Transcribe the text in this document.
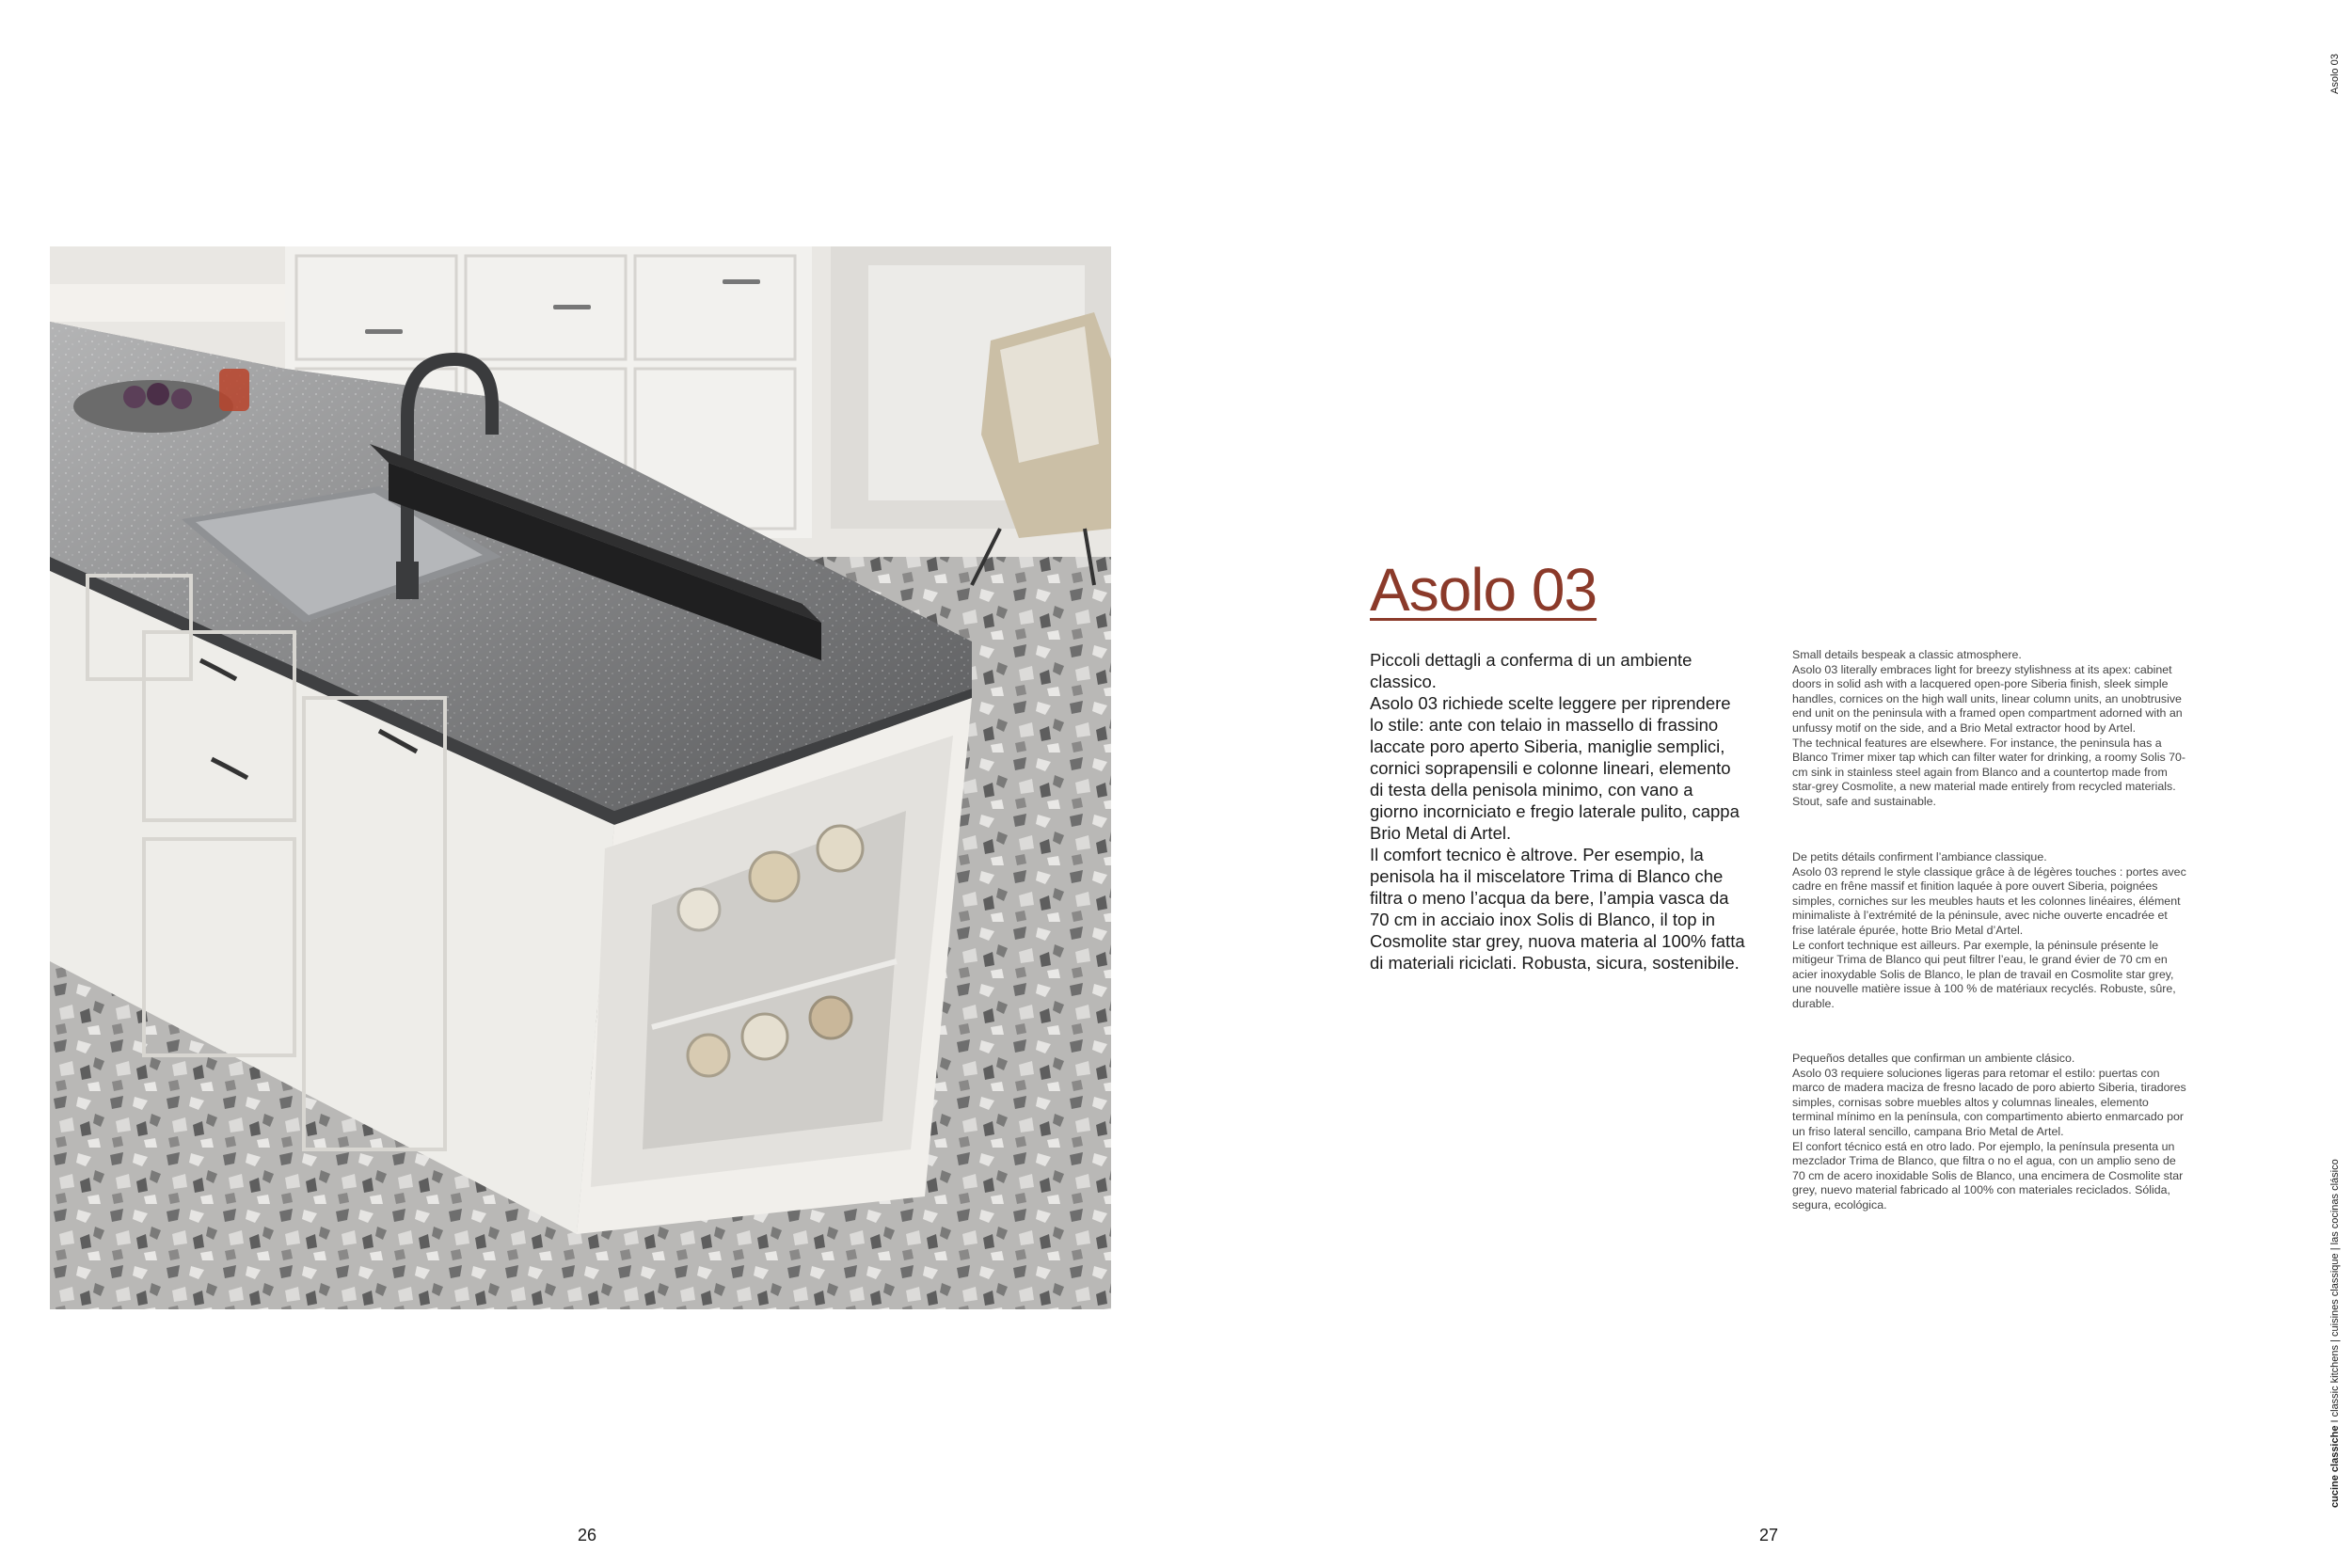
Asolo 03

Piccoli dettagli a conferma di un ambiente classico.

Asolo 03 richiede scelte leggere per riprendere lo stile: ante con telaio in massello di frassino laccate poro aperto Siberia, maniglie semplici, cornici soprapensili e colonne lineari, elemento di testa della penisola minimo, con vano a giorno incorniciato e fregio laterale pulito, cappa Brio Metal di Artel.

Il comfort tecnico è altrove. Per esempio, la penisola ha il miscelatore Trima di Blanco che filtra o meno l’acqua da bere, l’ampia vasca da 70 cm in acciaio inox Solis di Blanco, il top in Cosmolite star grey, nuova materia al 100% fatta di materiali riciclati. Robusta, sicura, sostenibile.

Small details bespeak a classic atmosphere.

Asolo 03 literally embraces light for breezy stylishness at its apex: cabinet doors in solid ash with a lacquered open-pore Siberia finish, sleek simple handles, cornices on the high wall units, linear column units, an unobtrusive end unit on the peninsula with a framed open compartment adorned with an unfussy motif on the side, and a Brio Metal extractor hood by Artel.

The technical features are elsewhere. For instance, the peninsula has a Blanco Trimer mixer tap which can filter water for drinking, a roomy Solis 70-cm sink in stainless steel again from Blanco and a countertop made from star-grey Cosmolite, a new material made entirely from recycled materials. Stout, safe and sustainable.

De petits détails confirment l’ambiance classique.

Asolo 03 reprend le style classique grâce à de légères touches : portes avec cadre en frêne massif et finition laquée à pore ouvert Siberia, poignées simples, corniches sur les meubles hauts et les colonnes linéaires, élément minimaliste à l’extrémité de la péninsule, avec niche ouverte encadrée et frise latérale épurée, hotte Brio Metal d’Artel.

Le confort technique est ailleurs. Par exemple, la péninsule présente le mitigeur Trima de Blanco qui peut filtrer l’eau, le grand évier de 70 cm en acier inoxydable Solis de Blanco, le plan de travail en Cosmolite star grey, une nouvelle matière issue à 100 % de matériaux recyclés. Robuste, sûre, durable.

Pequeños detalles que confirman un ambiente clásico.

Asolo 03 requiere soluciones ligeras para retomar el estilo: puertas con marco de madera maciza de fresno lacado de poro abierto Siberia, tiradores simples, cornisas sobre muebles altos y columnas lineales, elemento terminal mínimo en la península, con compartimento abierto enmarcado por un friso lateral sencillo, campana Brio Metal de Artel.

El confort técnico está en otro lado. Por ejemplo, la península presenta un mezclador Trima de Blanco, que filtra o no el agua, con un amplio seno de 70 cm de acero inoxidable Solis de Blanco, una encimera de Cosmolite star grey, nuevo material fabricado al 100% con materiales reciclados. Sólida, segura, ecológica.

26	27
Asolo 03
cucine classiche I classic kitchens | cuisines classique | las cocinas clásico
